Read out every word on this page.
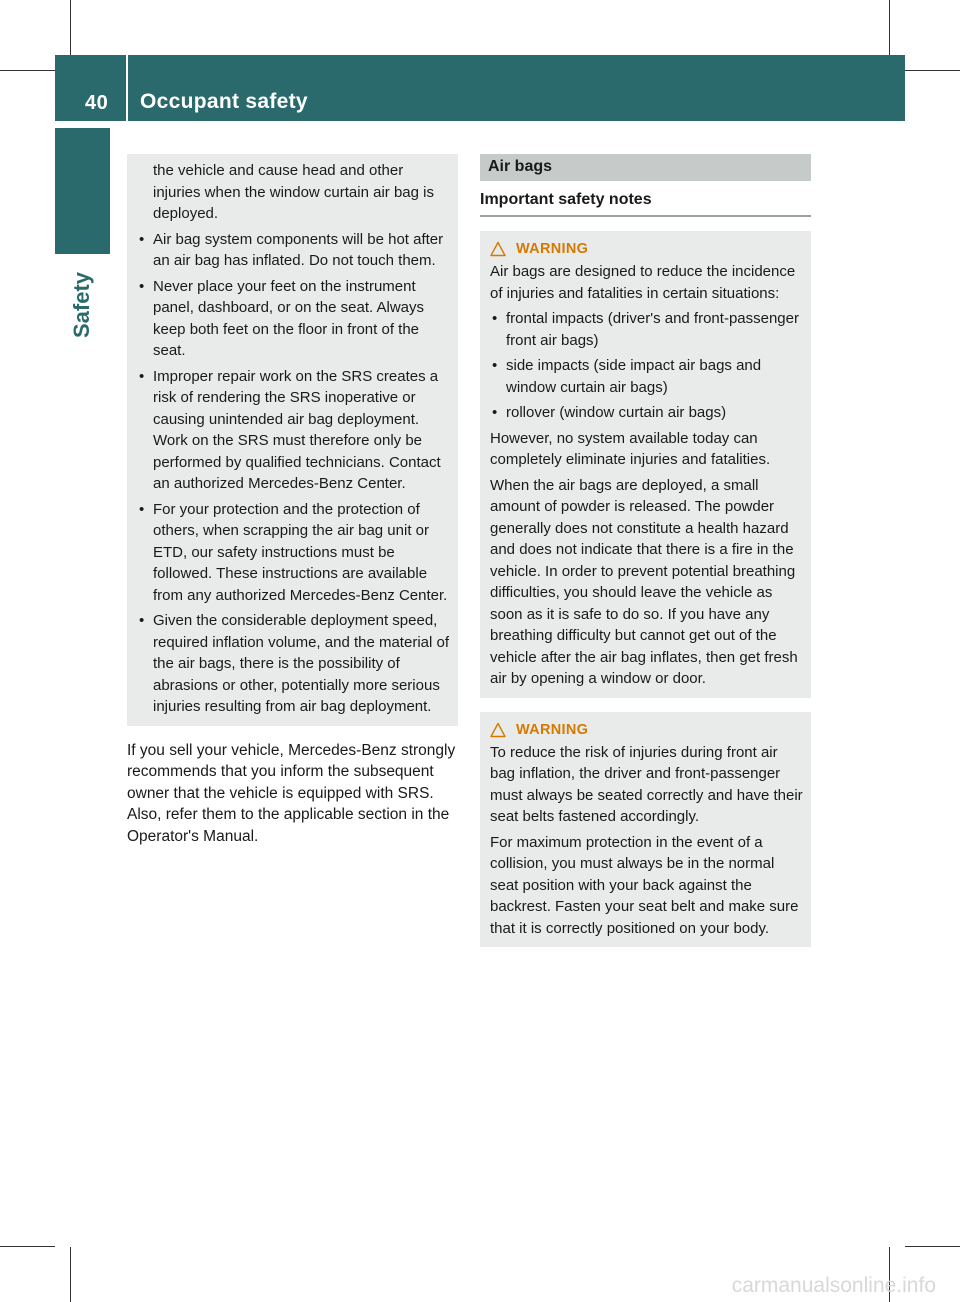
40 Occupant safety
Safety

the vehicle and cause head and other injuries when the window curtain air bag is deployed.

• Air bag system components will be hot after an air bag has inflated. Do not touch them.
• Never place your feet on the instrument panel, dashboard, or on the seat. Always keep both feet on the floor in front of the seat.
• Improper repair work on the SRS creates a risk of rendering the SRS inoperative or causing unintended air bag deployment. Work on the SRS must therefore only be performed by qualified technicians. Contact an authorized Mercedes-Benz Center.
• For your protection and the protection of others, when scrapping the air bag unit or ETD, our safety instructions must be followed. These instructions are available from any authorized Mercedes-Benz Center.
• Given the considerable deployment speed, required inflation volume, and the material of the air bags, there is the possibility of abrasions or other, potentially more serious injuries resulting from air bag deployment.

If you sell your vehicle, Mercedes-Benz strongly recommends that you inform the subsequent owner that the vehicle is equipped with SRS. Also, refer them to the applicable section in the Operator's Manual.

Air bags
Important safety notes
WARNING

Air bags are designed to reduce the incidence of injuries and fatalities in certain situations:

• frontal impacts (driver's and front-passenger front air bags)
• side impacts (side impact air bags and window curtain air bags)
• rollover (window curtain air bags)

However, no system available today can completely eliminate injuries and fatalities.

When the air bags are deployed, a small amount of powder is released. The powder generally does not constitute a health hazard and does not indicate that there is a fire in the vehicle. In order to prevent potential breathing difficulties, you should leave the vehicle as soon as it is safe to do so. If you have any breathing difficulty but cannot get out of the vehicle after the air bag inflates, then get fresh air by opening a window or door.

WARNING

To reduce the risk of injuries during front air bag inflation, the driver and front-passenger must always be seated correctly and have their seat belts fastened accordingly.

For maximum protection in the event of a collision, you must always be in the normal seat position with your back against the backrest. Fasten your seat belt and make sure that it is correctly positioned on your body.

carmanualsonline.info
